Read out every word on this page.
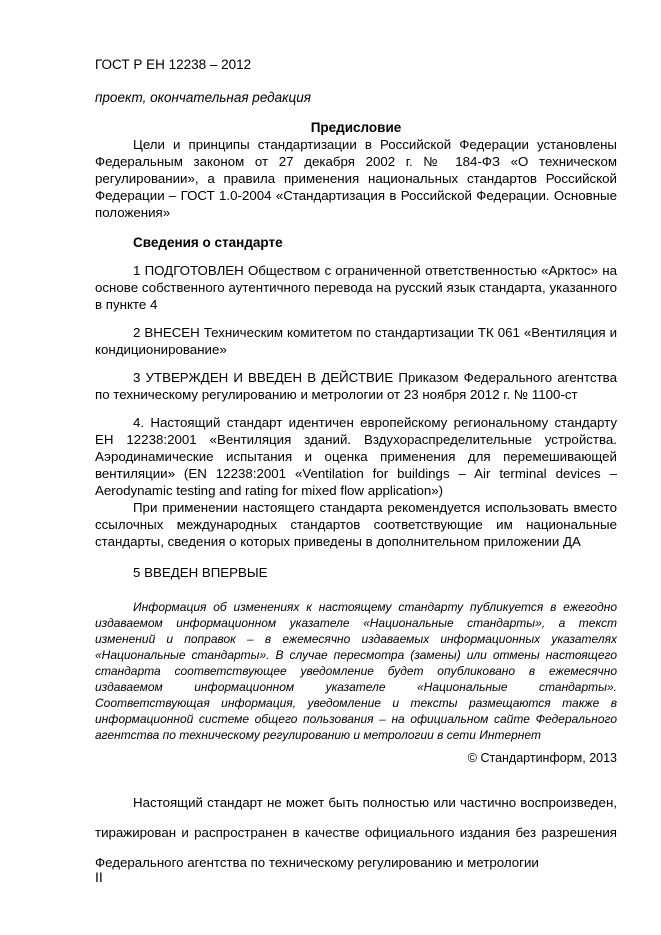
ГОСТ Р ЕН 12238 – 2012

проект, окончательная редакция

Предисловие

Цели и принципы стандартизации в Российской Федерации установлены Федеральным законом от 27 декабря 2002 г. № 184-ФЗ «О техническом регулировании», а правила применения национальных стандартов Российской Федерации – ГОСТ 1.0-2004 «Стандартизация в Российской Федерации. Основные положения»

Сведения о стандарте

1 ПОДГОТОВЛЕН Обществом с ограниченной ответственностью «Арктос» на основе собственного аутентичного перевода на русский язык стандарта, указанного в пункте 4

2 ВНЕСЕН Техническим комитетом по стандартизации ТК 061 «Вентиляция и кондиционирование»

3 УТВЕРЖДЕН И ВВЕДЕН В ДЕЙСТВИЕ Приказом Федерального агентства по техническому регулированию и метрологии от 23 ноября 2012 г. № 1100-ст

4. Настоящий стандарт идентичен европейскому региональному стандарту ЕН 12238:2001 «Вентиляция зданий. Вздухораспределительные устройства. Аэродинамические испытания и оценка применения для перемешивающей вентиляции» (EN 12238:2001 «Ventilation for buildings – Air terminal devices – Aerodynamic testing and rating for mixed flow application»)

При применении настоящего стандарта рекомендуется использовать вместо ссылочных международных стандартов соответствующие им национальные стандарты, сведения о которых приведены в дополнительном приложении ДА

5 ВВЕДЕН ВПЕРВЫЕ

Информация об изменениях к настоящему стандарту публикуется в ежегодно издаваемом информационном указателе «Национальные стандарты», а текст изменений и поправок – в ежемесячно издаваемых информационных указателях «Национальные стандарты». В случае пересмотра (замены) или отмены настоящего стандарта соответствующее уведомление будет опубликовано в ежемесячно издаваемом информационном указателе «Национальные стандарты». Соответствующая информация, уведомление и тексты размещаются также в информационной системе общего пользования – на официальном сайте Федерального агентства по техническому регулированию и метрологии в сети Интернет

© Стандартинформ, 2013

Настоящий стандарт не может быть полностью или частично воспроизведен, тиражирован и распространен в качестве официального издания без разрешения Федерального агентства по техническому регулированию и метрологии

II
